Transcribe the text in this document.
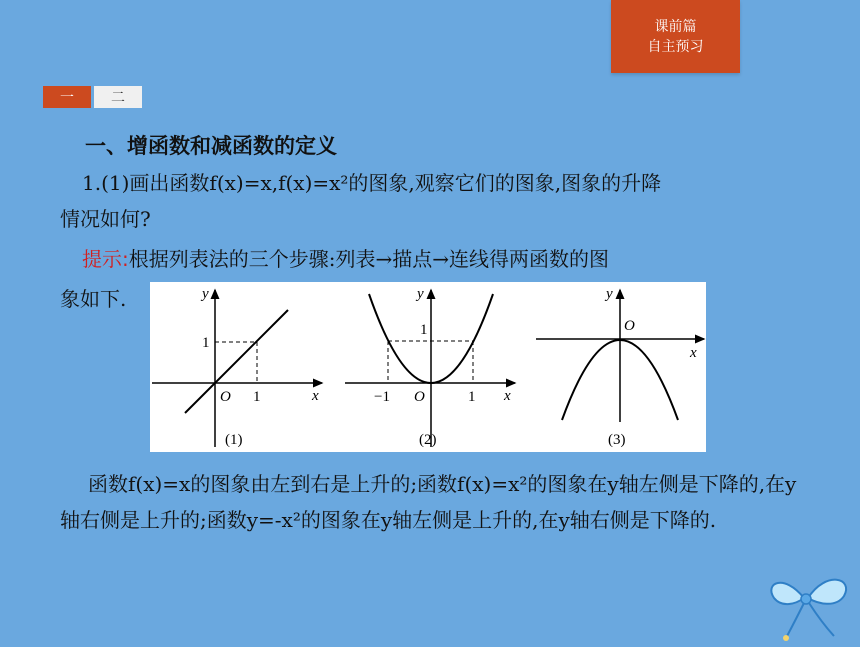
课前篇
自主预习
一	二
一、增函数和减函数的定义
1.(1)画出函数f(x)=x,f(x)=x²的图象,观察它们的图象,图象的升降
情况如何?
提示:根据列表法的三个步骤:列表→描点→连线得两函数的图
象如下.	y
x
O 1
1
(1)
y
x
O
−1	1
1
(2)
y
x
O
(3)
函数f(x)=x的图象由左到右是上升的;函数f(x)=x²的图象在y轴左侧是下降的,在y轴右侧是上升的;函数y=-x²的图象在y轴左侧是上升的,在y轴右侧是下降的.
